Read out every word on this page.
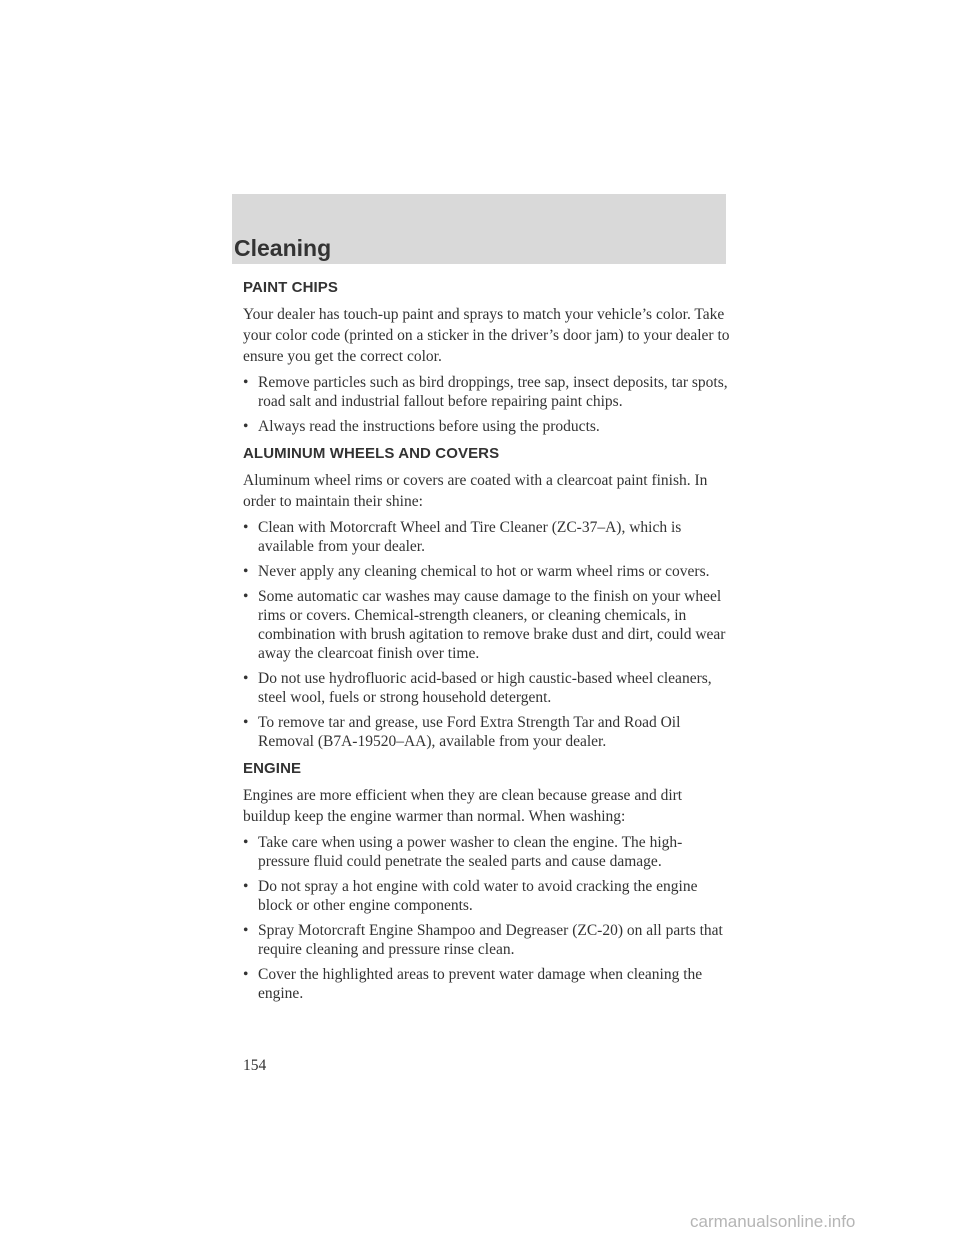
Cleaning
PAINT CHIPS

Your dealer has touch-up paint and sprays to match your vehicle’s color. Take your color code (printed on a sticker in the driver’s door jam) to your dealer to ensure you get the correct color.

• Remove particles such as bird droppings, tree sap, insect deposits, tar spots, road salt and industrial fallout before repairing paint chips.
• Always read the instructions before using the products.
ALUMINUM WHEELS AND COVERS

Aluminum wheel rims or covers are coated with a clearcoat paint finish. In order to maintain their shine:

• Clean with Motorcraft Wheel and Tire Cleaner (ZC-37–A), which is available from your dealer.
• Never apply any cleaning chemical to hot or warm wheel rims or covers.
• Some automatic car washes may cause damage to the finish on your wheel rims or covers. Chemical-strength cleaners, or cleaning chemicals, in combination with brush agitation to remove brake dust and dirt, could wear away the clearcoat finish over time.
• Do not use hydrofluoric acid-based or high caustic-based wheel cleaners, steel wool, fuels or strong household detergent.
• To remove tar and grease, use Ford Extra Strength Tar and Road Oil Removal (B7A-19520–AA), available from your dealer.
ENGINE

Engines are more efficient when they are clean because grease and dirt buildup keep the engine warmer than normal. When washing:

• Take care when using a power washer to clean the engine. The high-pressure fluid could penetrate the sealed parts and cause damage.
• Do not spray a hot engine with cold water to avoid cracking the engine block or other engine components.
• Spray Motorcraft Engine Shampoo and Degreaser (ZC-20) on all parts that require cleaning and pressure rinse clean.
• Cover the highlighted areas to prevent water damage when cleaning the engine.
154
carmanualsonline.info
